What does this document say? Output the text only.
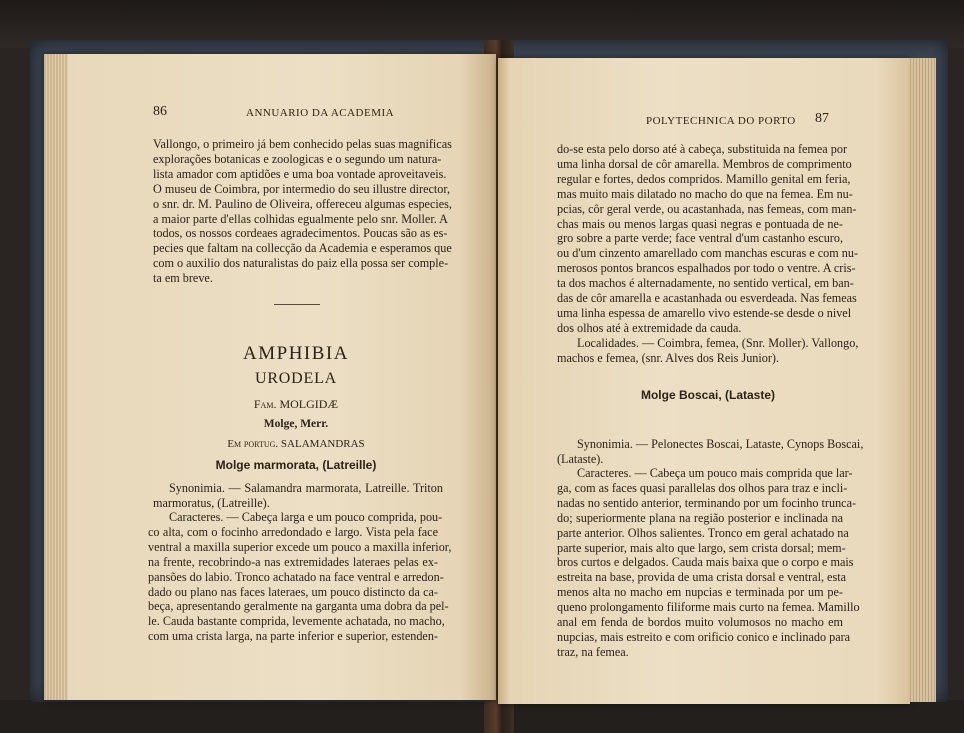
86	ANNUARIO DA ACADEMIA
Vallongo, o primeiro já bem conhecido pelas suas magnificas
explorações botanicas e zoologicas e o segundo um natura-
lista amador com aptidões e uma boa vontade aproveitaveis.
O museu de Coimbra, por intermedio do seu illustre director,
o snr. dr. M. Paulino de Oliveira, offereceu algumas especies,
a maior parte d'ellas colhidas egualmente pelo snr. Moller. A
todos, os nossos cordeaes agradecimentos. Poucas são as es-
pecies que faltam na collecção da Academia e esperamos que
com o auxilio dos naturalistas do paiz ella possa ser comple-
ta em breve.
AMPHIBIA
URODELA
Fam. MOLGIDÆ
Molge, Merr.
Em portug. SALAMANDRAS
Molge marmorata, (Latreille)
Synonimia. — Salamandra marmorata, Latreille. Triton
marmoratus, (Latreille).
Caracteres. — Cabeça larga e um pouco comprida, pou-
co alta, com o focinho arredondado e largo. Vista pela face
ventral a maxilla superior excede um pouco a maxilla inferior,
na frente, recobrindo-a nas extremidades lateraes pelas ex-
pansões do labio. Tronco achatado na face ventral e arredon-
dado ou plano nas faces lateraes, um pouco distincto da ca-
beça, apresentando geralmente na garganta uma dobra da pel-
le. Cauda bastante comprida, levemente achatada, no macho,
com uma crista larga, na parte inferior e superior, estenden-
POLYTECHNICA DO PORTO 87
do-se esta pelo dorso até à cabeça, substituida na femea por
uma linha dorsal de côr amarella. Membros de comprimento
regular e fortes, dedos compridos. Mamillo genital em feria,
mas muito mais dilatado no macho do que na femea. Em nu-
pcias, côr geral verde, ou acastanhada, nas femeas, com man-
chas mais ou menos largas quasi negras e pontuada de ne-
gro sobre a parte verde; face ventral d'um castanho escuro,
ou d'um cinzento amarellado com manchas escuras e com nu-
merosos pontos brancos espalhados por todo o ventre. A cris-
ta dos machos é alternadamente, no sentido vertical, em ban-
das de côr amarella e acastanhada ou esverdeada. Nas femeas
uma linha espessa de amarello vivo estende-se desde o nivel
dos olhos até à extremidade da cauda.
Localidades. — Coimbra, femea, (Snr. Moller). Vallongo,
machos e femea, (snr. Alves dos Reis Junior).
Molge Boscai, (Lataste)
Synonimia. — Pelonectes Boscai, Lataste, Cynops Boscai,
(Lataste).
Caracteres. — Cabeça um pouco mais comprida que lar-
ga, com as faces quasi parallelas dos olhos para traz e incli-
nadas no sentido anterior, terminando por um focinho trunca-
do; superiormente plana na região posterior e inclinada na
parte anterior. Olhos salientes. Tronco em geral achatado na
parte superior, mais alto que largo, sem crista dorsal; mem-
bros curtos e delgados. Cauda mais baixa que o corpo e mais
estreita na base, provida de uma crista dorsal e ventral, esta
menos alta no macho em nupcias e terminada por um pe-
queno prolongamento filiforme mais curto na femea. Mamillo
anal em fenda de bordos muito volumosos no macho em
nupcias, mais estreito e com orificio conico e inclinado para
traz, na femea.
